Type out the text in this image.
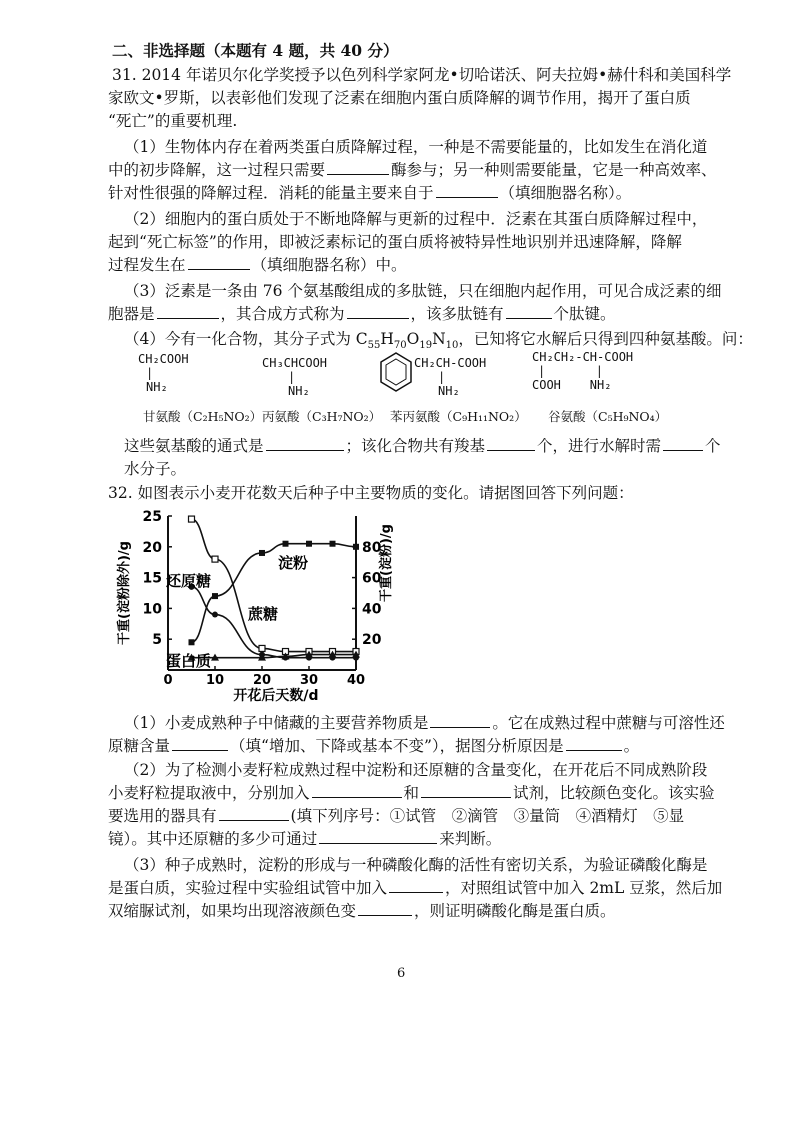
二、非选择题（本题有 4 题，共 40 分）
31. 2014 年诺贝尔化学奖授予以色列科学家阿龙•切哈诺沃、阿夫拉姆•赫什科和美国科学
家欧文•罗斯，以表彰他们发现了泛素在细胞内蛋白质降解的调节作用，揭开了蛋白质
“死亡”的重要机理.
（1）生物体内存在着两类蛋白质降解过程，一种是不需要能量的，比如发生在消化道
中的初步降解，这一过程只需要	酶参与；另一种则需要能量，它是一种高效率、
针对性很强的降解过程．消耗的能量主要来自于	（填细胞器名称）。
（2）细胞内的蛋白质处于不断地降解与更新的过程中．泛素在其蛋白质降解过程中，
起到“死亡标签”的作用，即被泛素标记的蛋白质将被特异性地识别并迅速降解，降解
过程发生在	（填细胞器名称）中。
（3）泛素是一条由 76 个氨基酸组成的多肽链，只在细胞内起作用，可见合成泛素的细
胞器是	，其合成方式称为	，该多肽链有	个肽键。
（4）今有一化合物，其分子式为 $C_{55}H_{70}O_{19}N_{10}$，已知将它水解后只得到四种氨基酸。问：
CH₂COOH
|
NH₂
CH₃CHCOOH
|
NH₂
CH₂CH-COOH
|
NH₂
CH₂CH₂-CH-COOH
|       |
COOH    NH₂
甘氨酸（C₂H₅NO₂） 丙氨酸（C₃H₇NO₂） 苯丙氨酸（C₉H₁₁NO₂） 谷氨酸（C₅H₉NO₄）
这些氨基酸的通式是	；该化合物共有羧基	个，进行水解时需	个
水分子。
32. 如图表示小麦开花数天后种子中主要物质的变化。请据图回答下列问题：
0	10 20 30 40
5
10
15
20
25
20
40
60
80
开花后天数/d
干重(淀粉除外)/g	干重(淀粉)/g
淀粉
蔗糖
还原糖
蛋白质
（1）小麦成熟种子中储藏的主要营养物质是	。它在成熟过程中蔗糖与可溶性还
原糖含量	（填“增加、下降或基本不变”），据图分析原因是	。
（2）为了检测小麦籽粒成熟过程中淀粉和还原糖的含量变化，在开花后不同成熟阶段
小麦籽粒提取液中，分别加入	和	试剂，比较颜色变化。该实验
要选用的器具有	(填下列序号：①试管　②滴管　③量筒　④酒精灯　⑤显
镜）。其中还原糖的多少可通过	来判断。
（3）种子成熟时，淀粉的形成与一种磷酸化酶的活性有密切关系，为验证磷酸化酶是
是蛋白质，实验过程中实验组试管中加入	，对照组试管中加入 2mL 豆浆，然后加
双缩脲试剂，如果均出现溶液颜色变	，则证明磷酸化酶是蛋白质。
6
